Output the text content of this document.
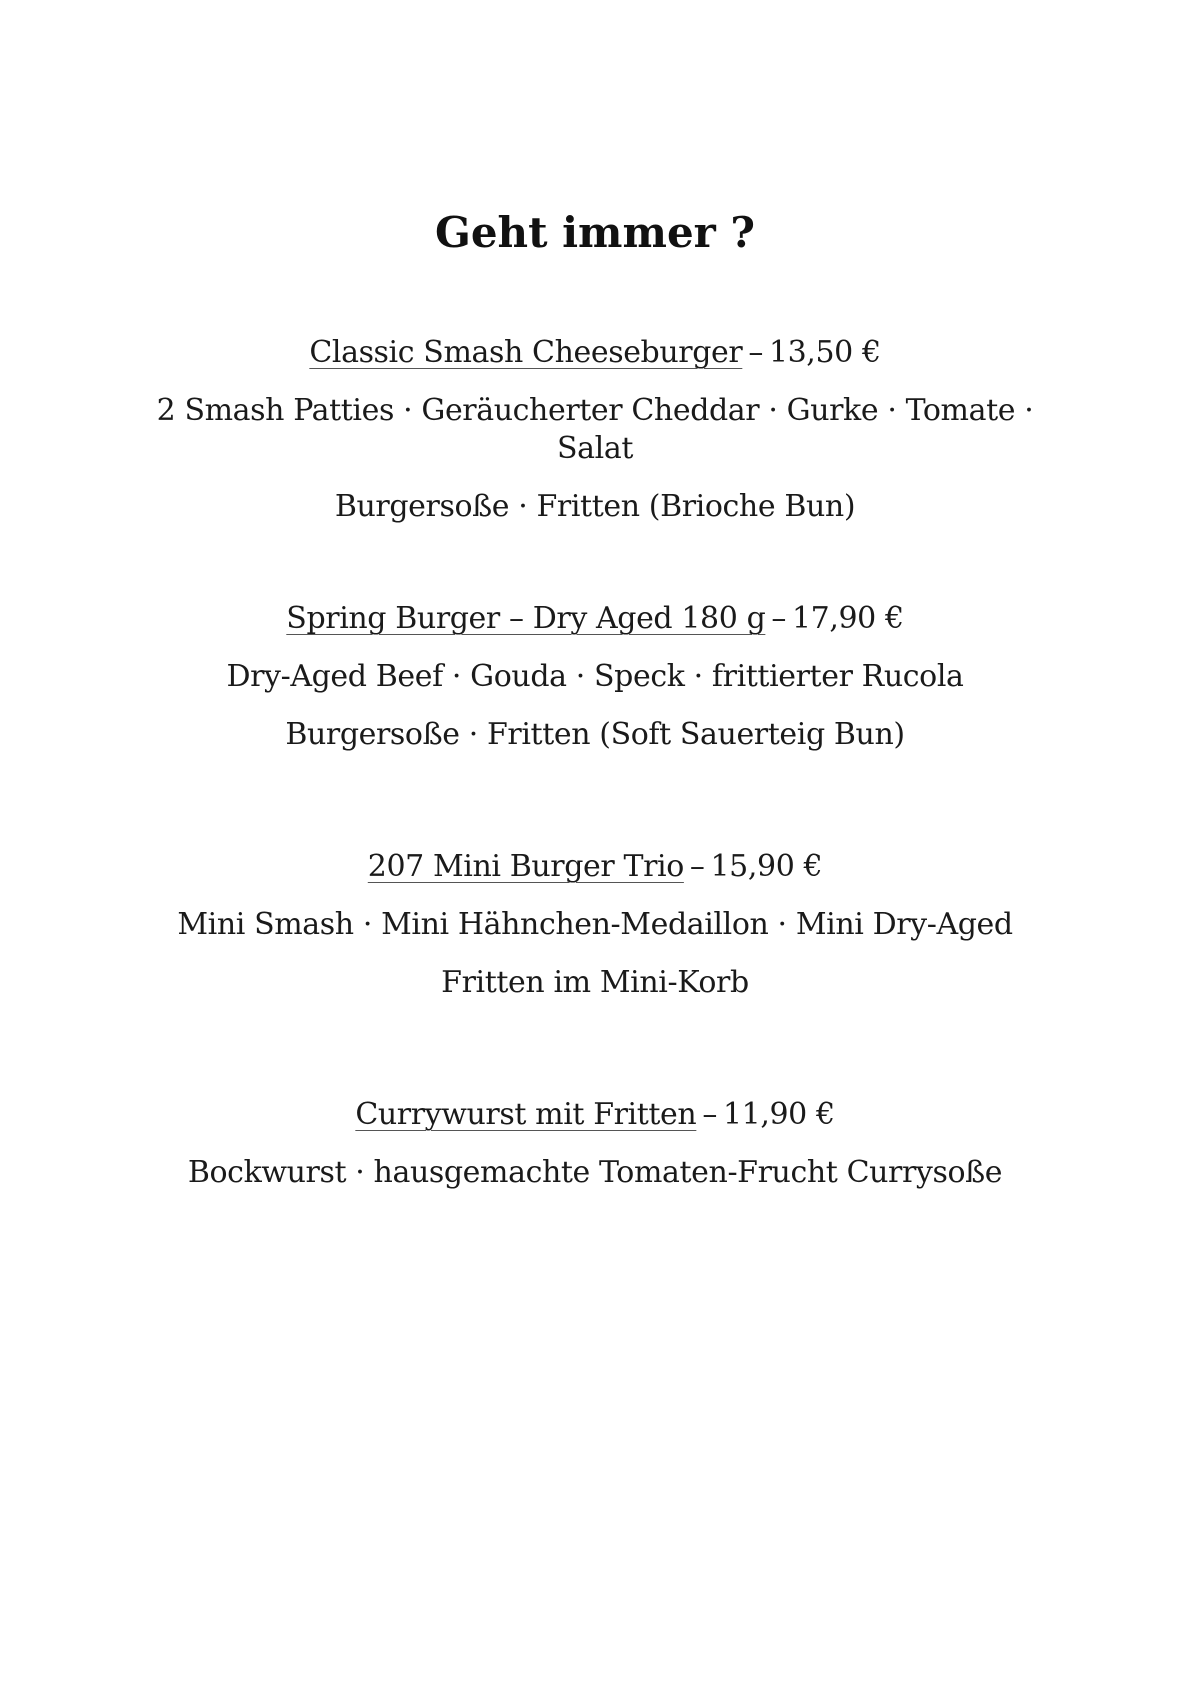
Geht immer ?

Classic Smash Cheeseburger – 13,50 €

2 Smash Patties · Geräucherter Cheddar · Gurke · Tomate · Salat

Burgersoße · Fritten (Brioche Bun)

Spring Burger – Dry Aged 180 g – 17,90 €

Dry-Aged Beef · Gouda · Speck · frittierter Rucola

Burgersoße · Fritten (Soft Sauerteig Bun)

207 Mini Burger Trio – 15,90 €

Mini Smash · Mini Hähnchen-Medaillon · Mini Dry-Aged

Fritten im Mini-Korb

Currywurst mit Fritten – 11,90 €

Bockwurst · hausgemachte Tomaten-Frucht Currysoße
